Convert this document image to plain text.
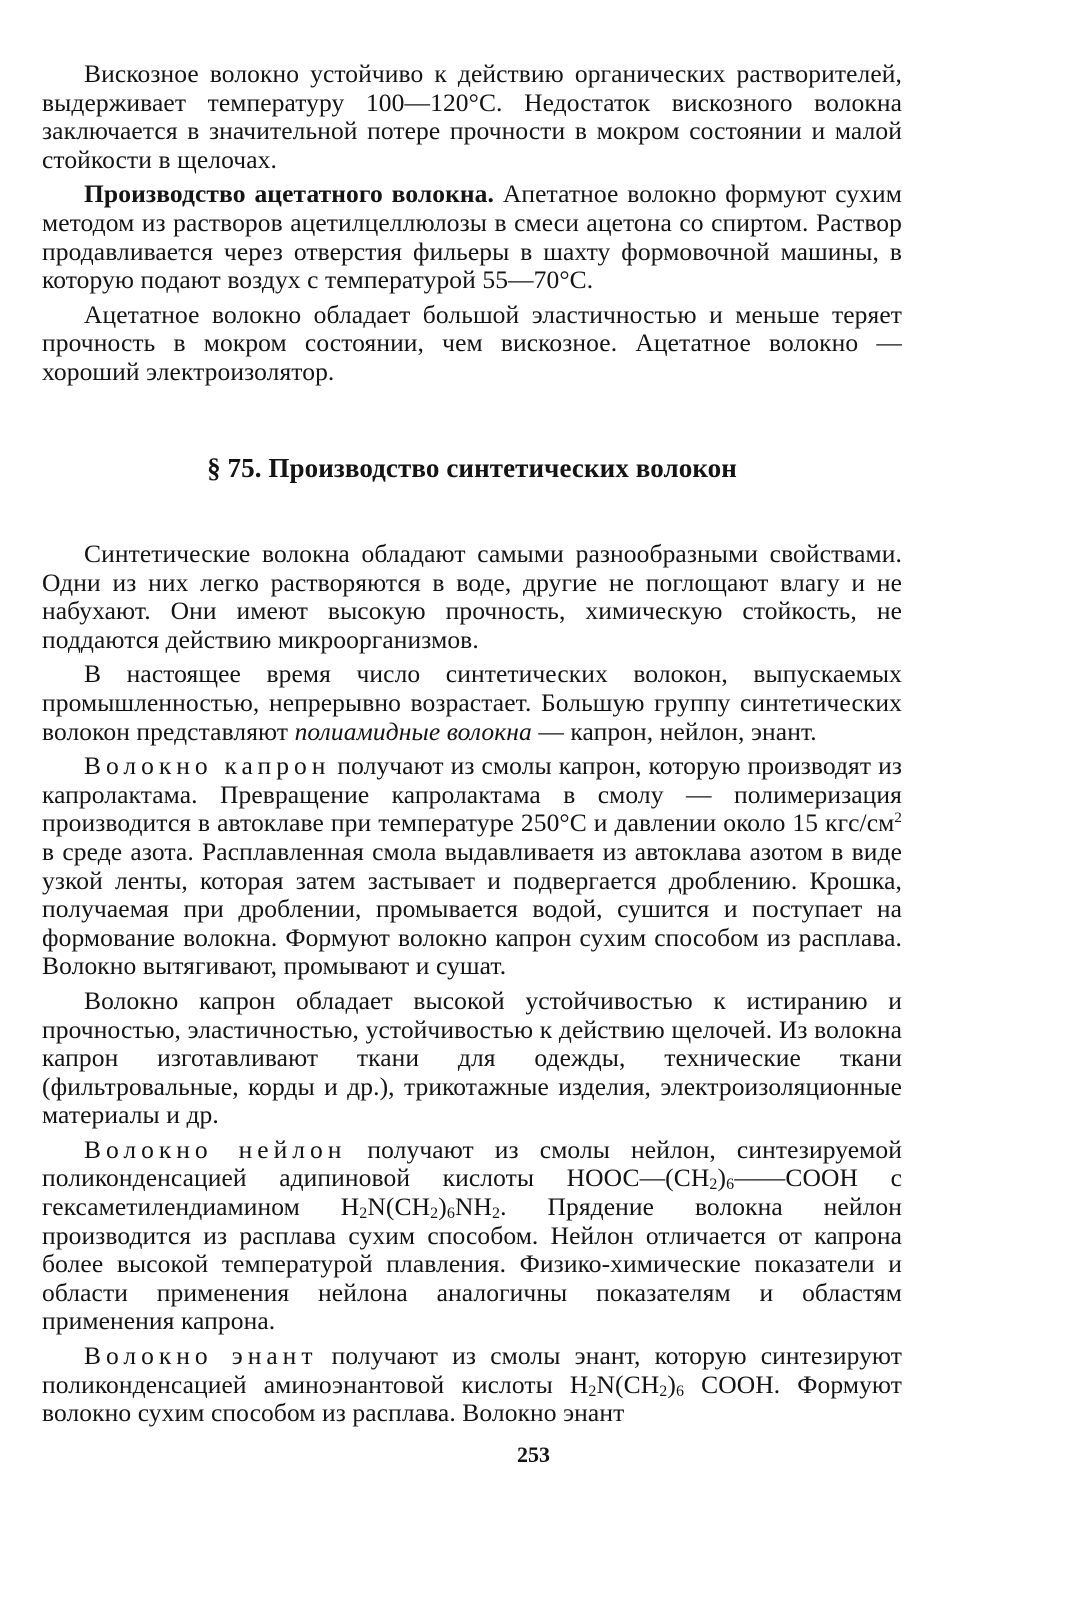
Вискозное волокно устойчиво к действию органических растворителей, выдерживает температуру 100—120°С. Недостаток вискозного волокна заключается в значительной потере прочности в мокром состоянии и малой стойкости в щелочах.

Производство ацетатного волокна. Апетатное волокно формуют сухим методом из растворов ацетилцеллюлозы в смеси ацетона со спиртом. Раствор продавливается через отверстия фильеры в шахту формовочной машины, в которую подают воздух с температурой 55—70°С.

Ацетатное волокно обладает большой эластичностью и меньше теряет прочность в мокром состоянии, чем вискозное. Ацетатное волокно — хороший электроизолятор.

§ 75. Производство синтетических волокон

Синтетические волокна обладают самыми разнообразными свойствами. Одни из них легко растворяются в воде, другие не поглощают влагу и не набухают. Они имеют высокую прочность, химическую стойкость, не поддаются действию микроорганизмов.

В настоящее время число синтетических волокон, выпускаемых промышленностью, непрерывно возрастает. Большую группу синтетических волокон представляют полиамидные волокна — капрон, нейлон, энант.

Волокно капрон получают из смолы капрон, которую производят из капролактама. Превращение капролактама в смолу — полимеризация производится в автоклаве при температуре 250°С и давлении около 15 кгс/$см^2$ в среде азота. Расплавленная смола выдавливаетя из автоклава азотом в виде узкой ленты, которая затем застывает и подвергается дроблению. Крошка, получаемая при дроблении, промывается водой, сушится и поступает на формование волокна. Формуют волокно капрон сухим способом из расплава. Волокно вытягивают, промывают и сушат.

Волокно капрон обладает высокой устойчивостью к истиранию и прочностью, эластичностью, устойчивостью к действию щелочей. Из волокна капрон изготавливают ткани для одежды, технические ткани (фильтровальные, корды и др.), трикотажные изделия, электроизоляционные материалы и др.

Волокно нейлон получают из смолы нейлон, синтезируемой поликонденсацией адипиновой кислоты $НООС—(СН_2)_6——СООН$ с гексаметилендиамином $H_2N(CH_2)_6NH_2$. Прядение волокна нейлон производится из расплава сухим способом. Нейлон отличается от капрона более высокой температурой плавления. Физико-химические показатели и области применения нейлона аналогичны показателям и областям применения капрона.

Волокно энант получают из смолы энант, которую синтезируют поликонденсацией аминоэнантовой кислоты $H_2N(CH_2)_6$ COOH. Формуют волокно сухим способом из расплава. Волокно энант

253
